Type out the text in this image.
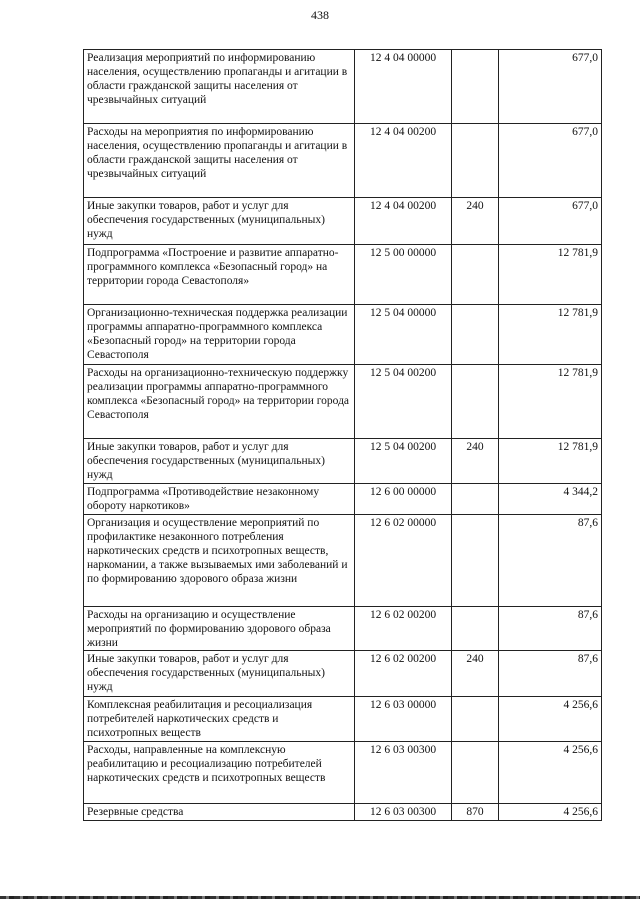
438
Реализация мероприятий по информированию населения, осуществлению пропаганды и агитации в области гражданской защиты населения от чрезвычайных ситуаций	12 4 04 00000		677,0
Расходы на мероприятия по информированию населения, осуществлению пропаганды и агитации в области гражданской защиты населения от чрезвычайных ситуаций	12 4 04 00200		677,0
Иные закупки товаров, работ и услуг для обеспечения государственных (муниципальных) нужд	12 4 04 00200	240	677,0
Подпрограмма «Построение и развитие аппаратно-программного комплекса «Безопасный город» на территории города Севастополя»	12 5 00 00000		12 781,9
Организационно-техническая поддержка реализации программы аппаратно-программного комплекса «Безопасный город» на территории города Севастополя	12 5 04 00000		12 781,9
Расходы на организационно-техническую поддержку реализации программы аппаратно-программного комплекса «Безопасный город» на территории города Севастополя	12 5 04 00200		12 781,9
Иные закупки товаров, работ и услуг для обеспечения государственных (муниципальных) нужд	12 5 04 00200	240	12 781,9
Подпрограмма «Противодействие незаконному обороту наркотиков»	12 6 00 00000		4 344,2
Организация и осуществление мероприятий по профилактике незаконного потребления наркотических средств и психотропных веществ, наркомании, а также вызываемых ими заболеваний и по формированию здорового образа жизни	12 6 02 00000		87,6
Расходы на организацию и осуществление мероприятий по формированию здорового образа жизни	12 6 02 00200		87,6
Иные закупки товаров, работ и услуг для обеспечения государственных (муниципальных) нужд	12 6 02 00200	240	87,6
Комплексная реабилитация и ресоциализация потребителей наркотических средств и психотропных веществ	12 6 03 00000		4 256,6
Расходы, направленные на комплексную реабилитацию и ресоциализацию потребителей наркотических средств и психотропных веществ	12 6 03 00300		4 256,6
Резервные средства	12 6 03 00300	870	4 256,6
